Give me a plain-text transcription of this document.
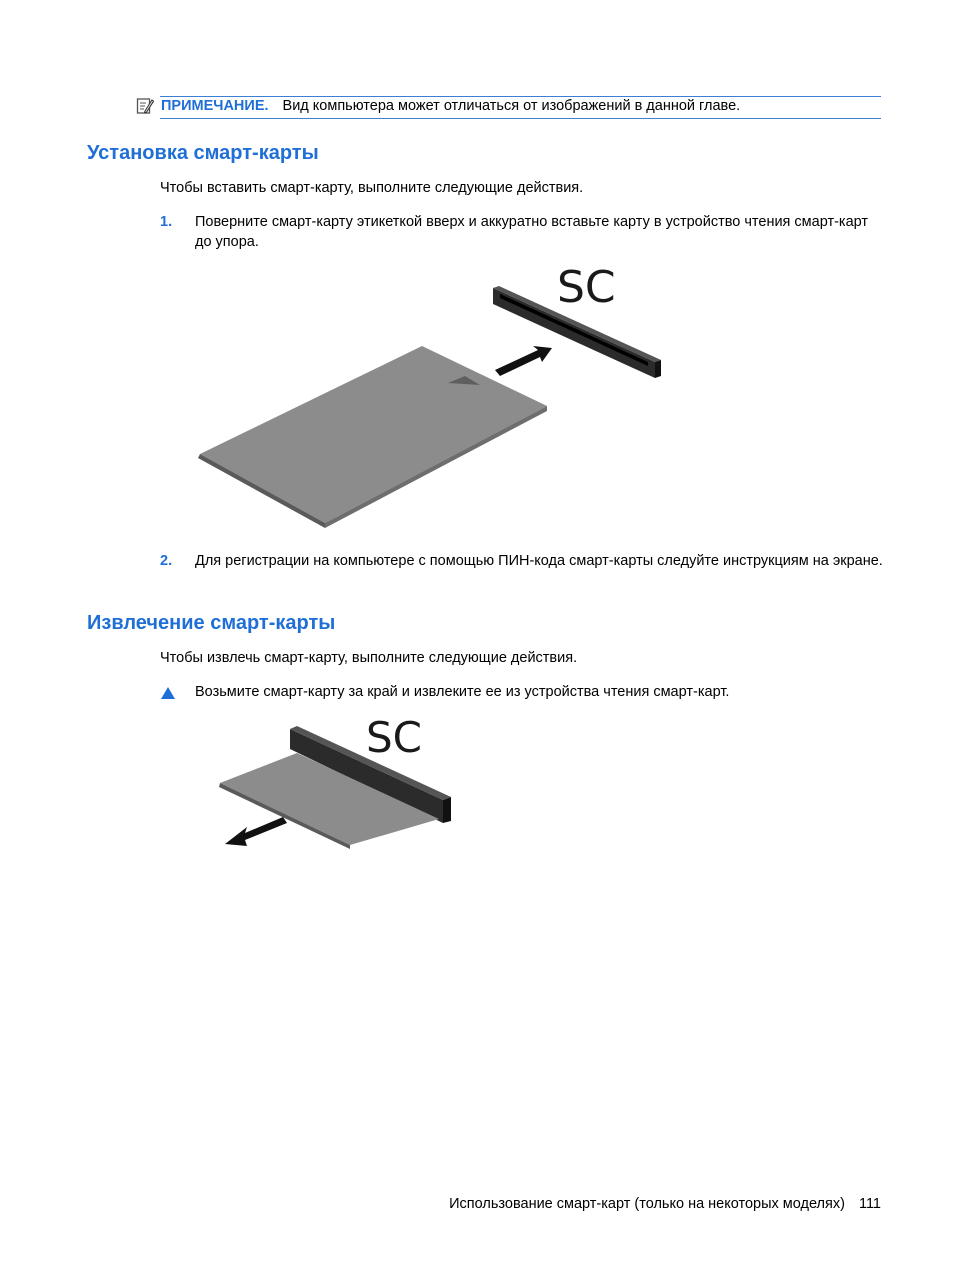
ПРИМЕЧАНИЕ. Вид компьютера может отличаться от изображений в данной главе.
Установка смарт-карты
Чтобы вставить смарт-карту, выполните следующие действия.
1. Поверните смарт-карту этикеткой вверх и аккуратно вставьте карту в устройство чтения смарт-карт до упора.
SC
2. Для регистрации на компьютере с помощью ПИН-кода смарт-карты следуйте инструкциям на экране.
Извлечение смарт-карты
Чтобы извлечь смарт-карту, выполните следующие действия.
Возьмите смарт-карту за край и извлеките ее из устройства чтения смарт-карт.
SC
Использование смарт-карт (только на некоторых моделях) 111
